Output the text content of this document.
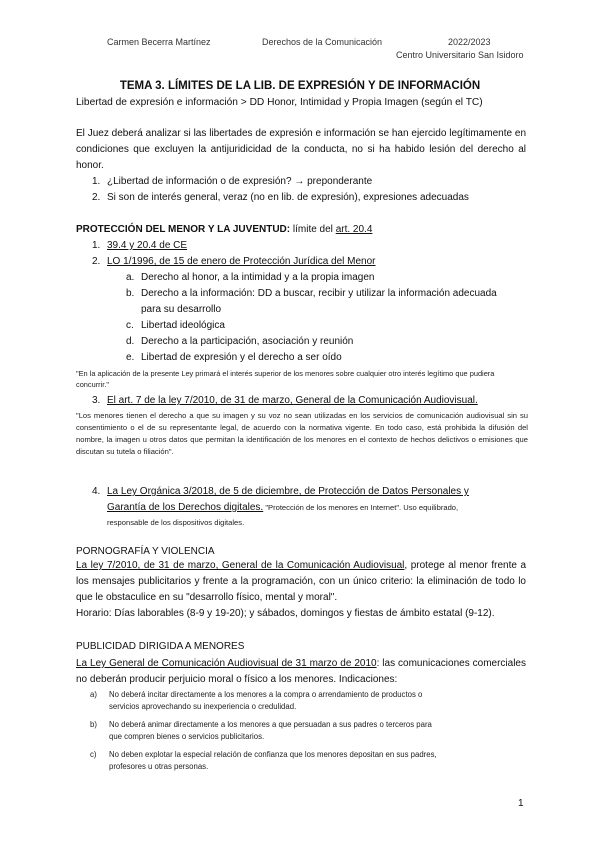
Carmen Becerra Martínez	Derechos de la Comunicación	2022/2023
Centro Universitario San Isidoro
TEMA 3. LÍMITES DE LA LIB. DE EXPRESIÓN Y DE INFORMACIÓN
Libertad de expresión e información > DD Honor, Intimidad y Propia Imagen (según el TC)
El Juez deberá analizar si las libertades de expresión e información se han ejercido legítimamente en condiciones que excluyen la antijuridicidad de la conducta, no si ha habido lesión del derecho al honor.
1. ¿Libertad de información o de expresión? → preponderante
2. Si son de interés general, veraz (no en lib. de expresión), expresiones adecuadas
PROTECCIÓN DEL MENOR Y LA JUVENTUD: límite del art. 20.4
1. 39.4 y 20.4 de CE
2. LO 1/1996, de 15 de enero de Protección Jurídica del Menor
a. Derecho al honor, a la intimidad y a la propia imagen
b. Derecho a la información: DD a buscar, recibir y utilizar la información adecuada
para su desarrollo
c. Libertad ideológica
d. Derecho a la participación, asociación y reunión
e. Libertad de expresión y el derecho a ser oído
"En la aplicación de la presente Ley primará el interés superior de los menores sobre cualquier otro interés legítimo que pudiera concurrir."
3. El art. 7 de la ley 7/2010, de 31 de marzo, General de la Comunicación Audiovisual.
"Los menores tienen el derecho a que su imagen y su voz no sean utilizadas en los servicios de comunicación audiovisual sin su consentimiento o el de su representante legal, de acuerdo con la normativa vigente. En todo caso, está prohibida la difusión del nombre, la imagen u otros datos que permitan la identificación de los menores en el contexto de hechos delictivos o emisiones que discutan su tutela o filiación".
4. La Ley Orgánica 3/2018, de 5 de diciembre, de Protección de Datos Personales y
Garantía de los Derechos digitales. "Protección de los menores en Internet". Uso equilibrado,
responsable de los dispositivos digitales.
PORNOGRAFÍA Y VIOLENCIA
La ley 7/2010, de 31 de marzo, General de la Comunicación Audiovisual, protege al menor frente a los mensajes publicitarios y frente a la programación, con un único criterio: la eliminación de todo lo que le obstaculice en su "desarrollo físico, mental y moral".
Horario: Días laborables (8-9 y 19-20); y sábados, domingos y fiestas de ámbito estatal (9-12).
PUBLICIDAD DIRIGIDA A MENORES
La Ley General de Comunicación Audiovisual de 31 marzo de 2010: las comunicaciones comerciales no deberán producir perjuicio moral o físico a los menores. Indicaciones:
a) No deberá incitar directamente a los menores a la compra o arrendamiento de productos o
servicios aprovechando su inexperiencia o credulidad.
b) No deberá animar directamente a los menores a que persuadan a sus padres o terceros para
que compren bienes o servicios publicitarios.
c) No deben explotar la especial relación de confianza que los menores depositan en sus padres,
profesores u otras personas.
1
